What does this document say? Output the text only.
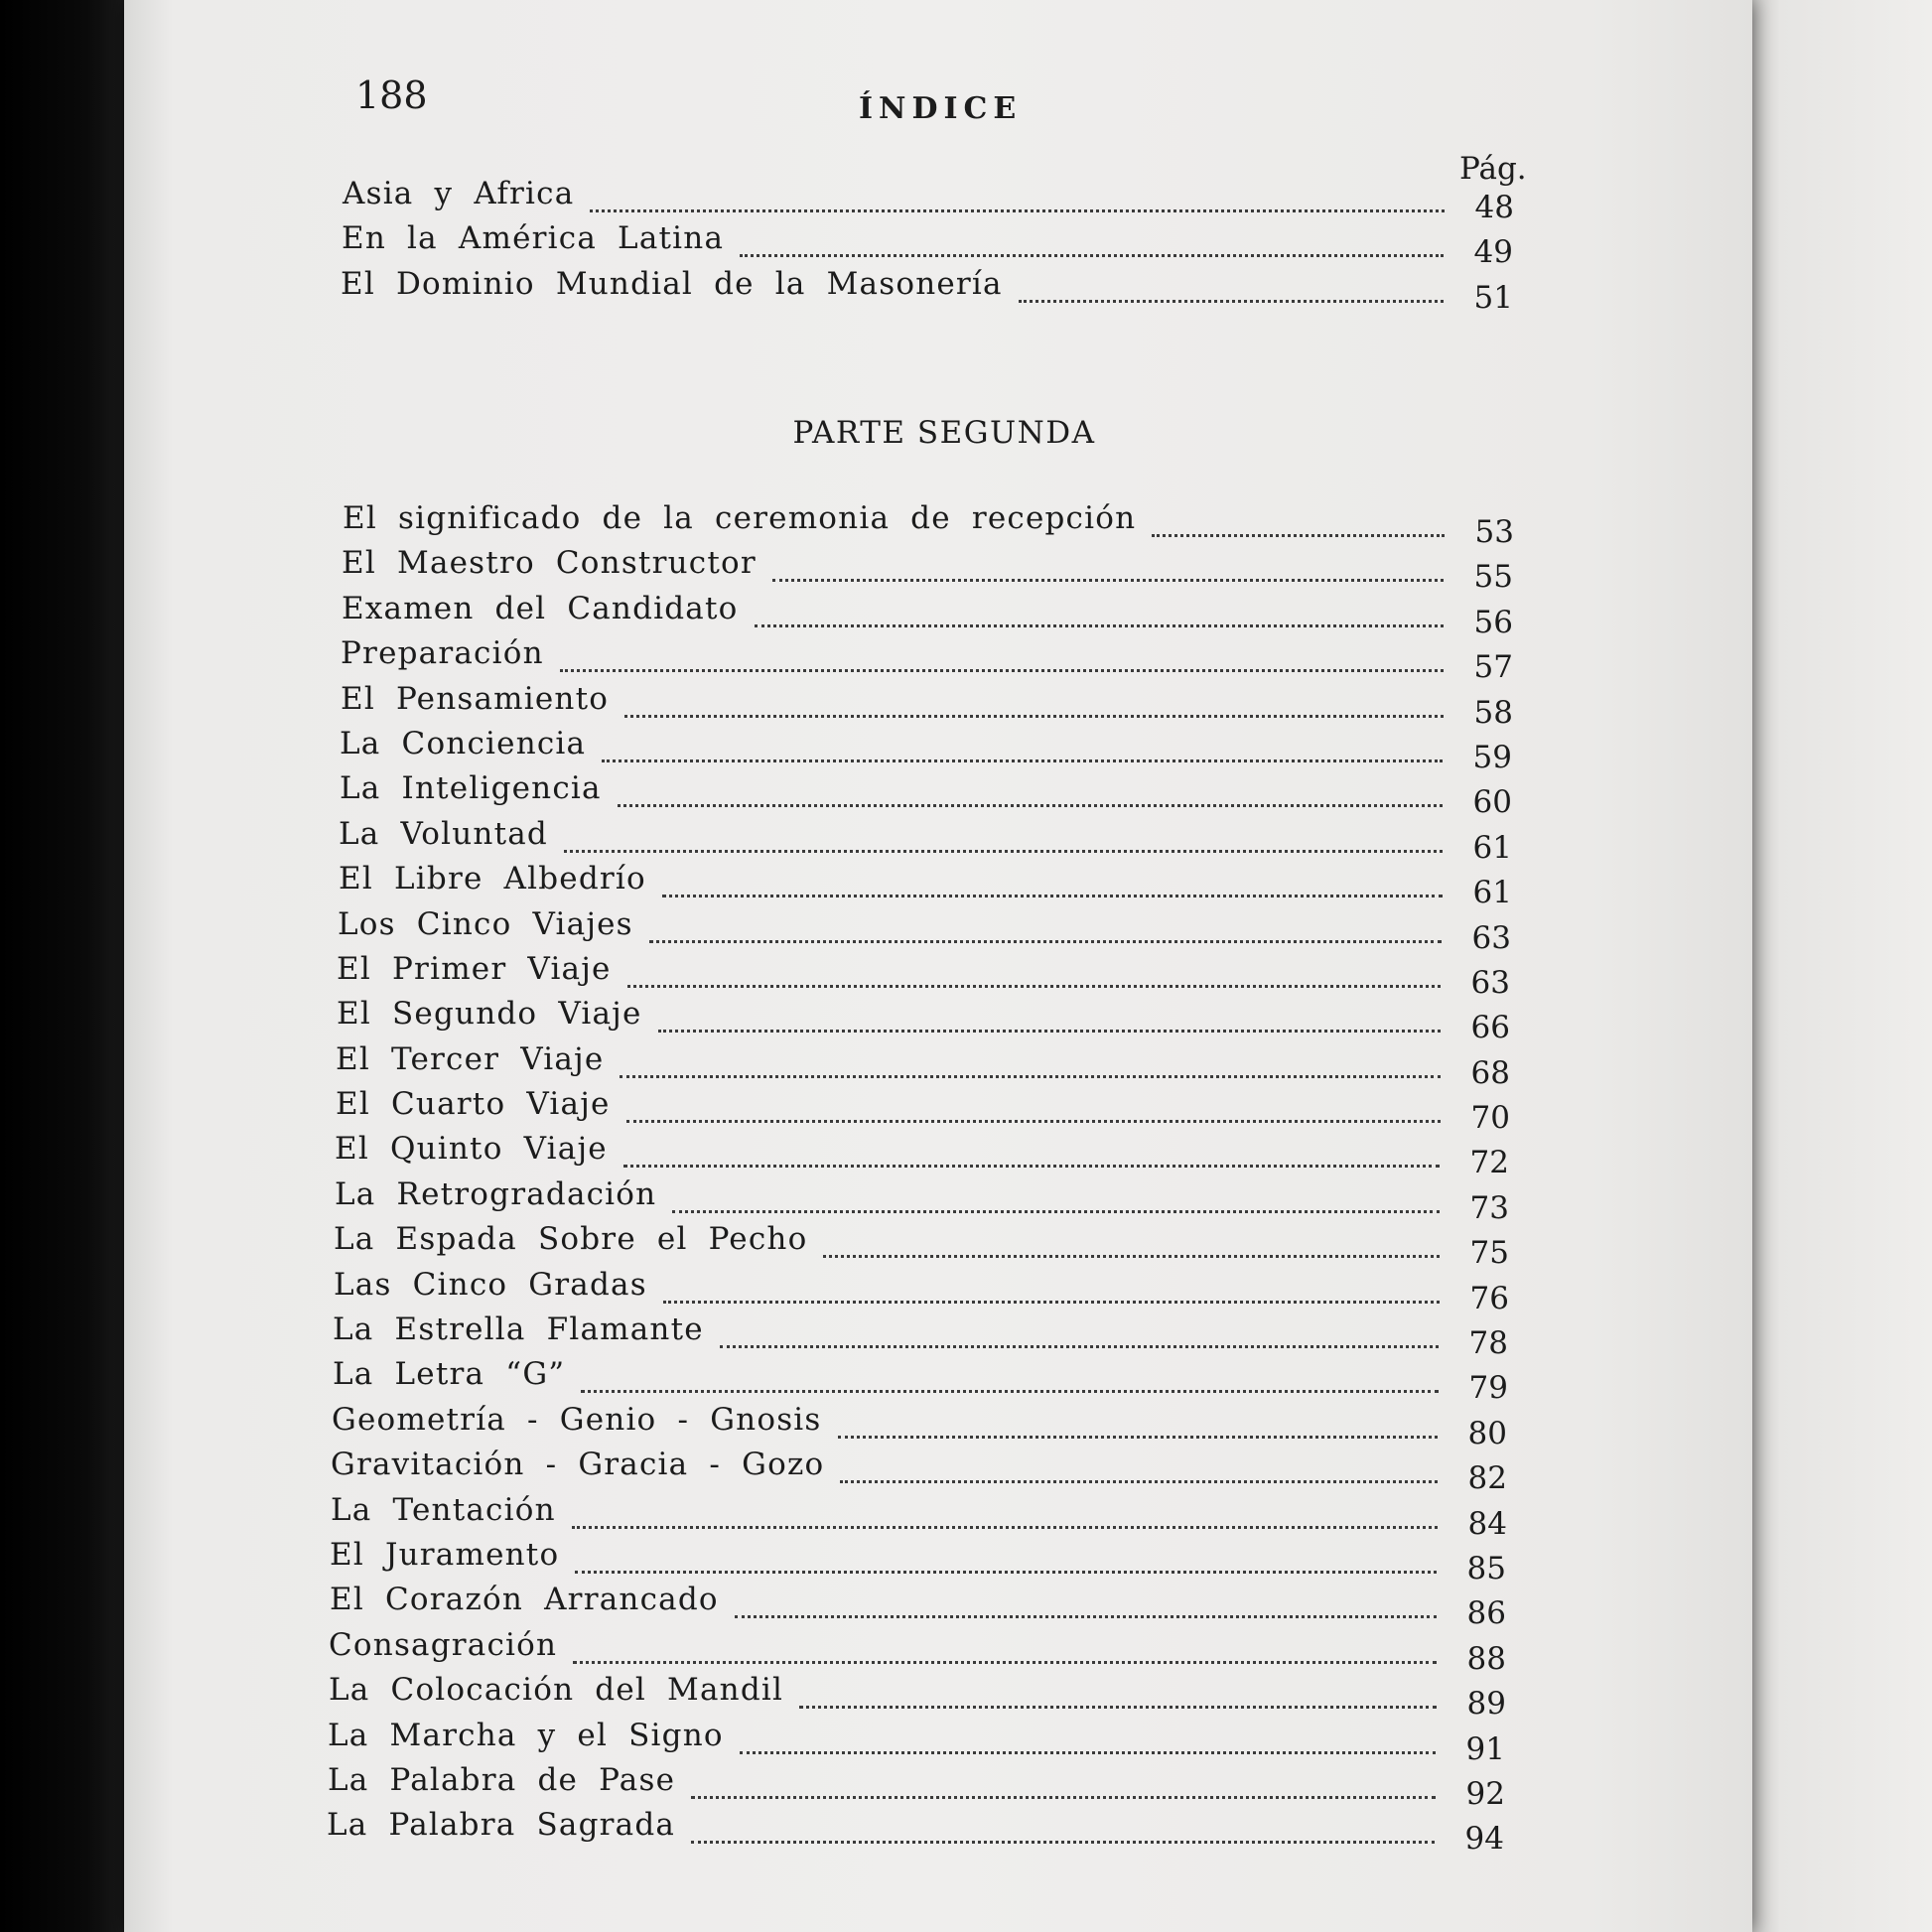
188	ÍNDICE
Pág.
Asia y Africa	48
En la América Latina	49
El Dominio Mundial de la Masonería	51
PARTE SEGUNDA
El significado de la ceremonia de recepción	53
El Maestro Constructor	55
Examen del Candidato	56
Preparación	57
El Pensamiento	58
La Conciencia	59
La Inteligencia	60
La Voluntad	61
El Libre Albedrío	61
Los Cinco Viajes	63
El Primer Viaje	63
El Segundo Viaje	66
El Tercer Viaje	68
El Cuarto Viaje	70
El Quinto Viaje	72
La Retrogradación	73
La Espada Sobre el Pecho	75
Las Cinco Gradas	76
La Estrella Flamante	78
La Letra “G”	79
Geometría - Genio - Gnosis	80
Gravitación - Gracia - Gozo	82
La Tentación	84
El Juramento	85
El Corazón Arrancado	86
Consagración	88
La Colocación del Mandil	89
La Marcha y el Signo	91
La Palabra de Pase	92
La Palabra Sagrada	94
